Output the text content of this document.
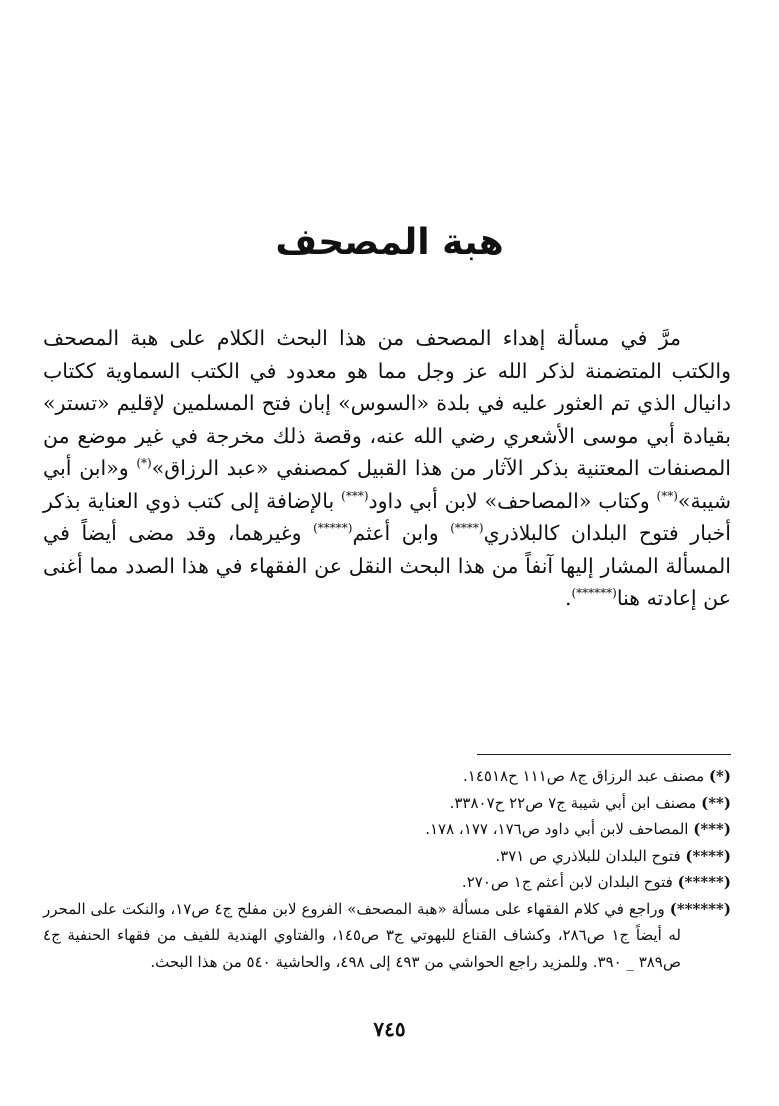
هبة المصحف

مرَّ في مسألة إهداء المصحف من هذا البحث الكلام على هبة المصحف والكتب المتضمنة لذكر الله عز وجل مما هو معدود في الكتب السماوية ككتاب دانيال الذي تم العثور عليه في بلدة «السوس» إبان فتح المسلمين لإقليم «تستر» بقيادة أبي موسى الأشعري رضي الله عنه، وقصة ذلك مخرجة في غير موضع من المصنفات المعتنية بذكر الآثار من هذا القبيل كمصنفي «عبد الرزاق»(*) و«ابن أبي شيبة»(**) وكتاب «المصاحف» لابن أبي داود(***) بالإضافة إلى كتب ذوي العناية بذكر أخبار فتوح البلدان كالبلاذري(****) وابن أعثم(*****) وغيرهما، وقد مضى أيضاً في المسألة المشار إليها آنفاً من هذا البحث النقل عن الفقهاء في هذا الصدد مما أغنى عن إعادته هنا(******).

(*) مصنف عبد الرزاق ج٨ ص١١١ ح١٤٥١٨.
(**) مصنف ابن أبي شيبة ج٧ ص٢٢ ح٣٣٨٠٧.
(***) المصاحف لابن أبي داود ص١٧٦، ١٧٧، ١٧٨.
(****) فتوح البلدان للبلاذري ص ٣٧١.
(*****) فتوح البلدان لابن أعثم ج١ ص٢٧٠.
(******) وراجع في كلام الفقهاء على مسألة «هبة المصحف» الفروع لابن مفلح ج٤ ص١٧، والنكت على المحرر له أيضاً ج١ ص٢٨٦، وكشاف القناع للبهوتي ج٣ ص١٤٥، والفتاوي الهندية للفيف من فقهاء الحنفية ج٤ ص٣٨٩ _ ٣٩٠. وللمزيد راجع الحواشي من ٤٩٣ إلى ٤٩٨، والحاشية ٥٤٠ من هذا البحث.
٧٤٥
